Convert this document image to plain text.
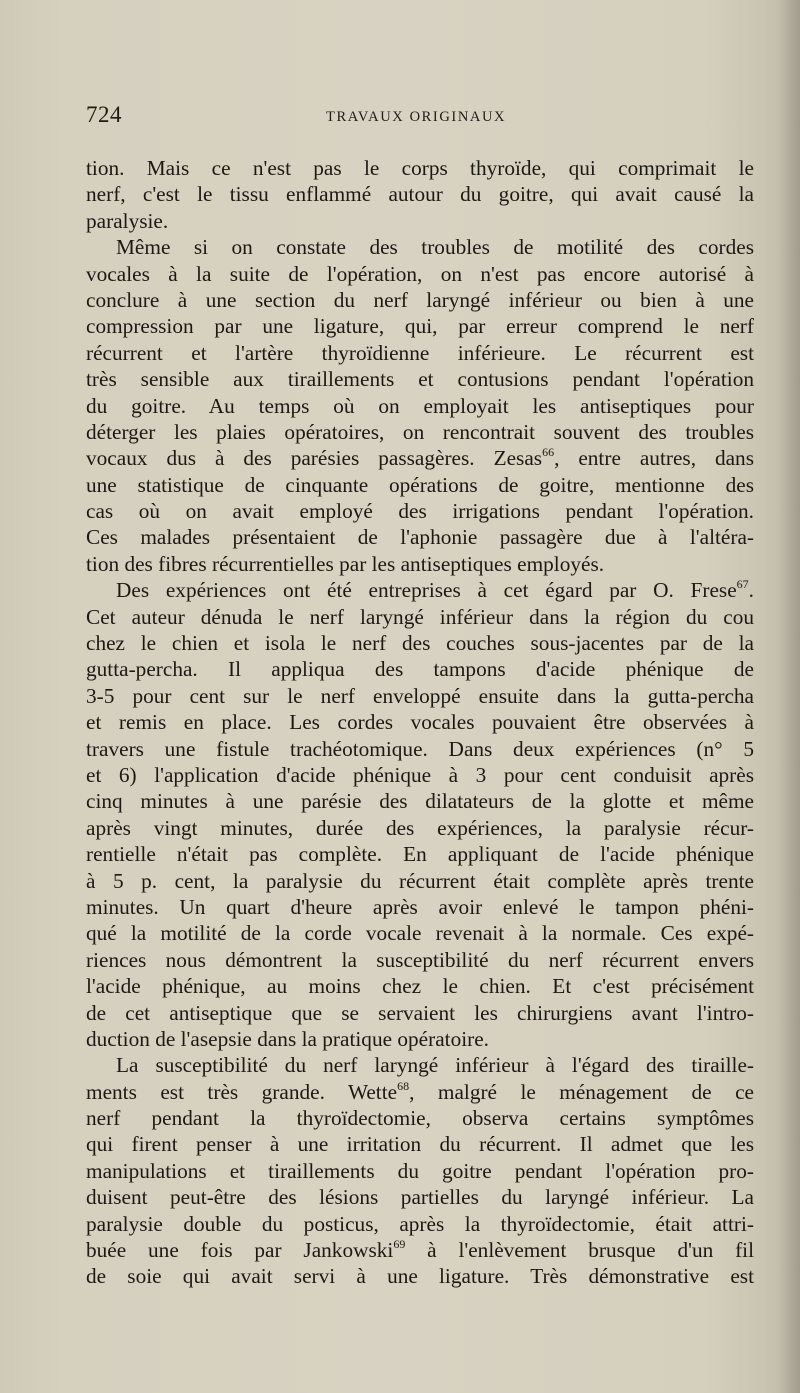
724	TRAVAUX ORIGINAUX
tion. Mais ce n'est pas le corps thyroïde, qui comprimait le
nerf, c'est le tissu enflammé autour du goitre, qui avait causé la
paralysie.
Même si on constate des troubles de motilité des cordes
vocales à la suite de l'opération, on n'est pas encore autorisé à
conclure à une section du nerf laryngé inférieur ou bien à une
compression par une ligature, qui, par erreur comprend le nerf
récurrent et l'artère thyroïdienne inférieure. Le récurrent est
très sensible aux tiraillements et contusions pendant l'opération
du goitre. Au temps où on employait les antiseptiques pour
déterger les plaies opératoires, on rencontrait souvent des troubles
vocaux dus à des parésies passagères. Zesas$^{66}$, entre autres, dans
une statistique de cinquante opérations de goitre, mentionne des
cas où on avait employé des irrigations pendant l'opération.
Ces malades présentaient de l'aphonie passagère due à l'altéra-
tion des fibres récurrentielles par les antiseptiques employés.
Des expériences ont été entreprises à cet égard par O. Frese$^{67}$.
Cet auteur dénuda le nerf laryngé inférieur dans la région du cou
chez le chien et isola le nerf des couches sous-jacentes par de la
gutta-percha. Il appliqua des tampons d'acide phénique de
3-5 pour cent sur le nerf enveloppé ensuite dans la gutta-percha
et remis en place. Les cordes vocales pouvaient être observées à
travers une fistule trachéotomique. Dans deux expériences (n° 5
et 6) l'application d'acide phénique à 3 pour cent conduisit après
cinq minutes à une parésie des dilatateurs de la glotte et même
après vingt minutes, durée des expériences, la paralysie récur-
rentielle n'était pas complète. En appliquant de l'acide phénique
à 5 p. cent, la paralysie du récurrent était complète après trente
minutes. Un quart d'heure après avoir enlevé le tampon phéni-
qué la motilité de la corde vocale revenait à la normale. Ces expé-
riences nous démontrent la susceptibilité du nerf récurrent envers
l'acide phénique, au moins chez le chien. Et c'est précisément
de cet antiseptique que se servaient les chirurgiens avant l'intro-
duction de l'asepsie dans la pratique opératoire.
La susceptibilité du nerf laryngé inférieur à l'égard des tiraille-
ments est très grande. Wette$^{68}$, malgré le ménagement de ce
nerf pendant la thyroïdectomie, observa certains symptômes
qui firent penser à une irritation du récurrent. Il admet que les
manipulations et tiraillements du goitre pendant l'opération pro-
duisent peut-être des lésions partielles du laryngé inférieur. La
paralysie double du posticus, après la thyroïdectomie, était attri-
buée une fois par Jankowski$^{69}$ à l'enlèvement brusque d'un fil
de soie qui avait servi à une ligature. Très démonstrative est
